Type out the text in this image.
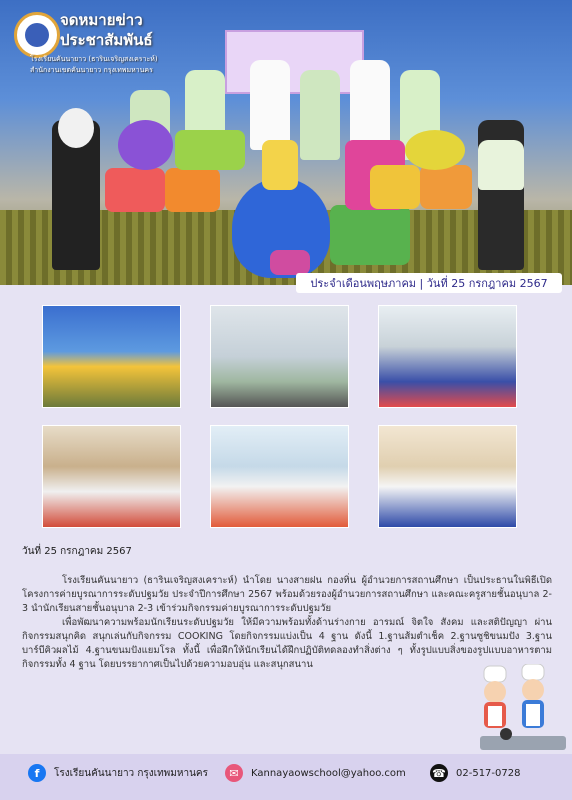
จดหมายข่าว
ประชาสัมพันธ์
โรงเรียนคันนายาว (ธารินเจริญสงเคราะห์)
สำนักงานเขตคันนายาว กรุงเทพมหานคร
ประจำเดือนพฤษภาคม | วันที่ 25 กรกฎาคม 2567
วันที่ 25 กรกฎาคม 2567

โรงเรียนคันนายาว (ธารินเจริญสงเคราะห์) นำโดย นางสายฝน กองทิ่น ผู้อำนวยการสถานศึกษา เป็นประธานในพิธีเปิดโครงการค่ายบูรณาการระดับปฐมวัย ประจำปีการศึกษา 2567 พร้อมด้วยรองผู้อำนวยการสถานศึกษา และคณะครูสายชั้นอนุบาล 2-3 นำนักเรียนสายชั้นอนุบาล 2-3 เข้าร่วมกิจกรรมค่ายบูรณาการระดับปฐมวัย

เพื่อพัฒนาความพร้อมนักเรียนระดับปฐมวัย ให้มีความพร้อมทั้งด้านร่างกาย อารมณ์ จิตใจ สังคม และสติปัญญา ผ่านกิจกรรมสนุกคิด สนุกเล่นกับกิจกรรม COOKING โดยกิจกรรมแบ่งเป็น 4 ฐาน ดังนี้ 1.ฐานส้มตำเช็ค 2.ฐานซูชิขนมปัง 3.ฐานบาร์บีคิวผลไม้ 4.ฐานขนมปังแยมโรล ทั้งนี้ เพื่อฝึกให้นักเรียนได้ฝึกปฏิบัติทดลองทำสิ่งต่าง ๆ ทั้งรูปแบบสิ่งของรูปแบบอาหารตามกิจกรรมทั้ง 4 ฐาน โดยบรรยากาศเป็นไปด้วยความอบอุ่น และสนุกสนาน

f	โรงเรียนคันนายาว กรุงเทพมหานคร	✉	Kannayaowschool@yahoo.com ☎ 02-517-0728
